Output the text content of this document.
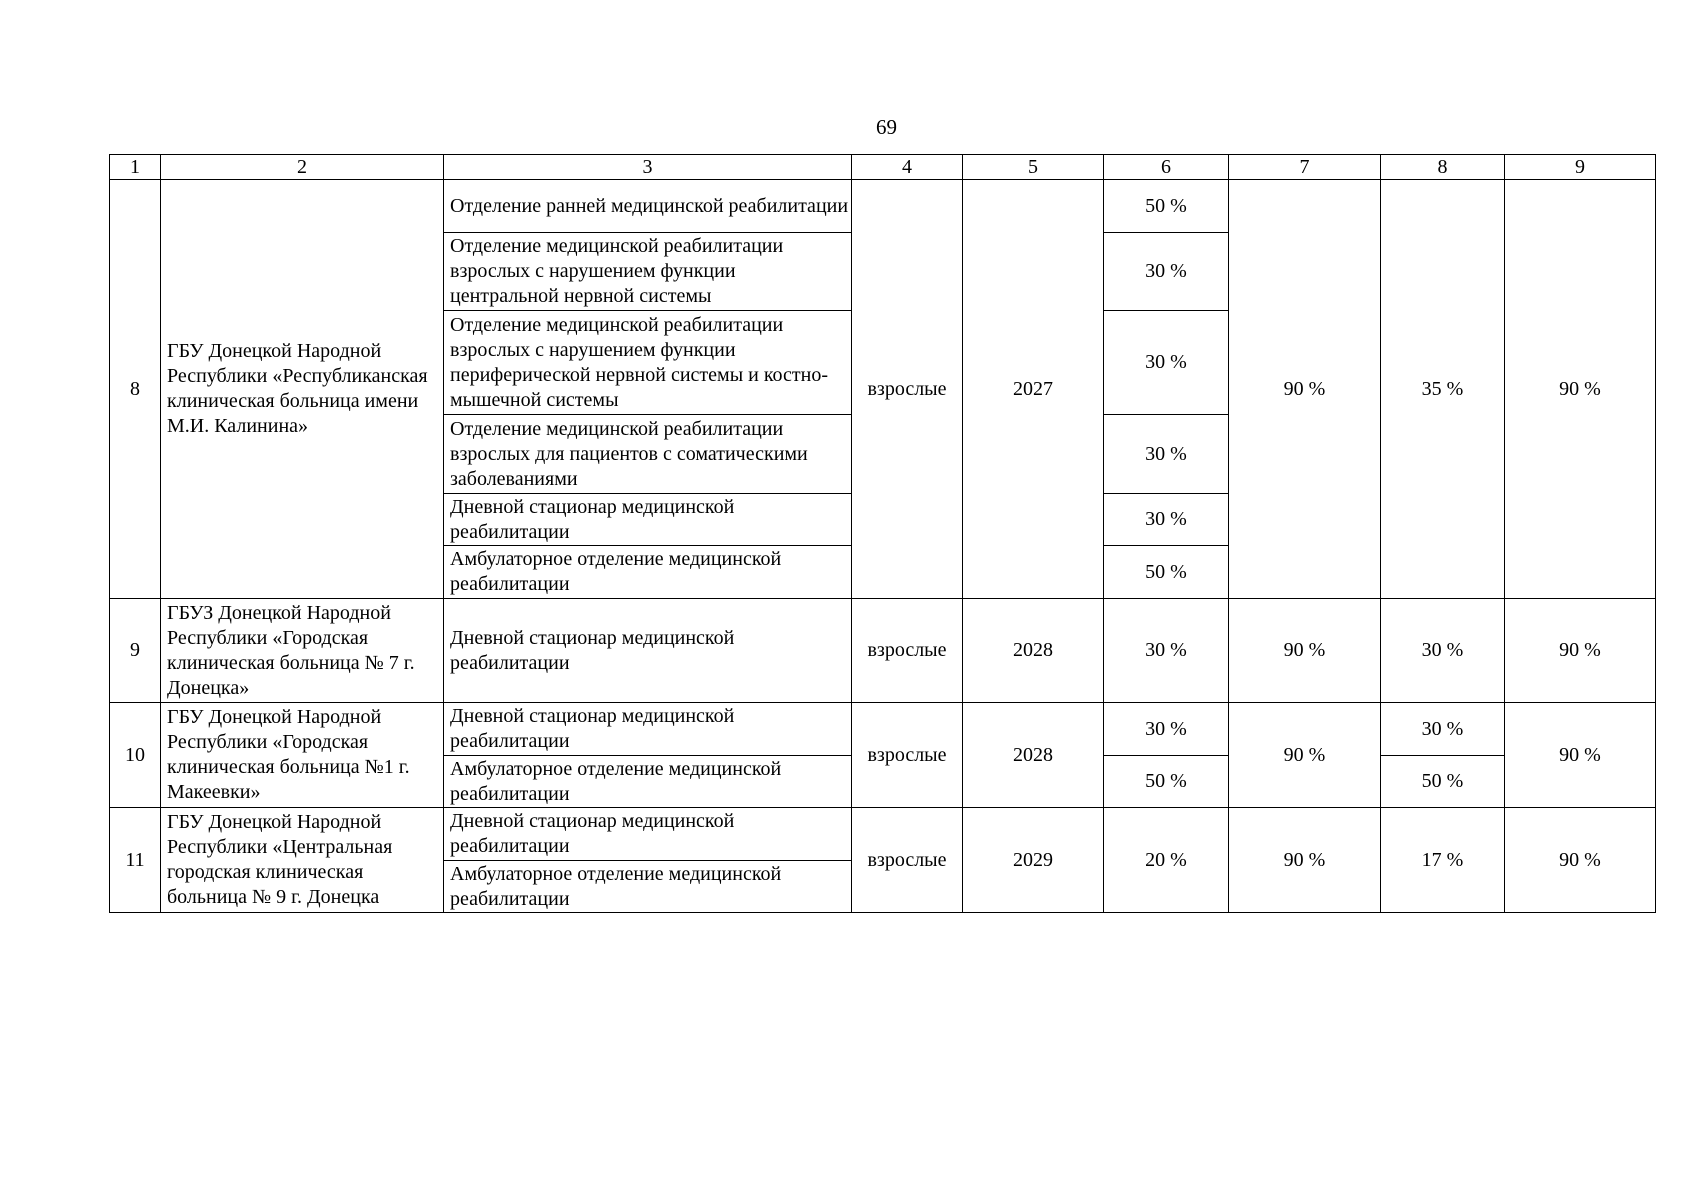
69
1	2	3	4	5	6	7	8	9
8	ГБУ Донецкой Народной Республики «Республиканская клиническая больница имени М.И. Калинина»	Отделение ранней медицинской реабилитации	взрослые	2027	50 %	90 %	35 %	90 %
		Отделение медицинской реабилитации взрослых с нарушением функции центральной нервной системы			30 %			
		Отделение медицинской реабилитации взрослых с нарушением функции периферической нервной системы и костно-мышечной системы			30 %			
		Отделение медицинской реабилитации взрослых для пациентов с соматическими заболеваниями			30 %			
		Дневной стационар медицинской реабилитации			30 %			
		Амбулаторное отделение медицинской реабилитации			50 %			
9	ГБУЗ Донецкой Народной Республики «Городская клиническая больница № 7 г. Донецка»	Дневной стационар медицинской реабилитации	взрослые	2028	30 %	90 %	30 %	90 %
10	ГБУ Донецкой Народной Республики «Городская клиническая больница №1 г. Макеевки»	Дневной стационар медицинской реабилитации	взрослые	2028	30 %	90 %	30 %	90 %
		Амбулаторное отделение медицинской реабилитации			50 %		50 %	
11	ГБУ Донецкой Народной Республики «Центральная городская клиническая больница № 9 г. Донецка	Дневной стационар медицинской реабилитации	взрослые	2029	20 %	90 %	17 %	90 %
		Амбулаторное отделение медицинской реабилитации						
